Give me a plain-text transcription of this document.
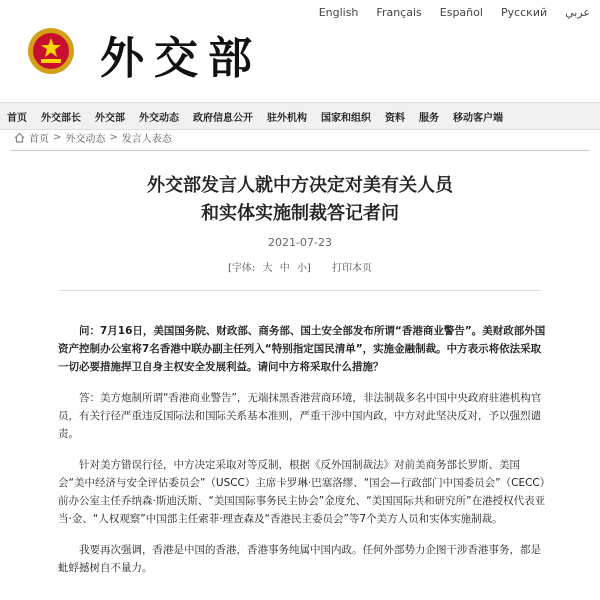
English Français Español Русский عربي
外交部
首页	外交部长	外交部	外交动态	政府信息公开	驻外机构	国家和组织	资料	服务	移动客户端
首页 > 外交动态 > 发言人表态
外交部发言人就中方决定对美有关人员
和实体实施制裁答记者问
2021-07-23
[字体: 大 中 小] 打印本页

问：7月16日，美国国务院、财政部、商务部、国土安全部发布所谓“香港商业警告”。美财政部外国资产控制办公室将7名香港中联办副主任列入“特别指定国民清单”，实施金融制裁。中方表示将依法采取一切必要措施捍卫自身主权安全发展利益。请问中方将采取什么措施？

答：美方炮制所谓“香港商业警告”，无端抹黑香港营商环境，非法制裁多名中国中央政府驻港机构官员，有关行径严重违反国际法和国际关系基本准则，严重干涉中国内政，中方对此坚决反对，予以强烈谴责。

针对美方错误行径，中方决定采取对等反制，根据《反外国制裁法》对前美商务部长罗斯、美国会“美中经济与安全评估委员会”（USCC）主席卡罗琳·巴塞洛缪、“国会—行政部门中国委员会”（CECC）前办公室主任乔纳森·斯迪沃斯、“美国国际事务民主协会”金度允、“美国国际共和研究所”在港授权代表亚当·金、“人权观察”中国部主任索菲·理查森及“香港民主委员会”等7个美方人员和实体实施制裁。

我要再次强调，香港是中国的香港，香港事务纯属中国内政。任何外部势力企图干涉香港事务，都是蚍蜉撼树自不量力。
